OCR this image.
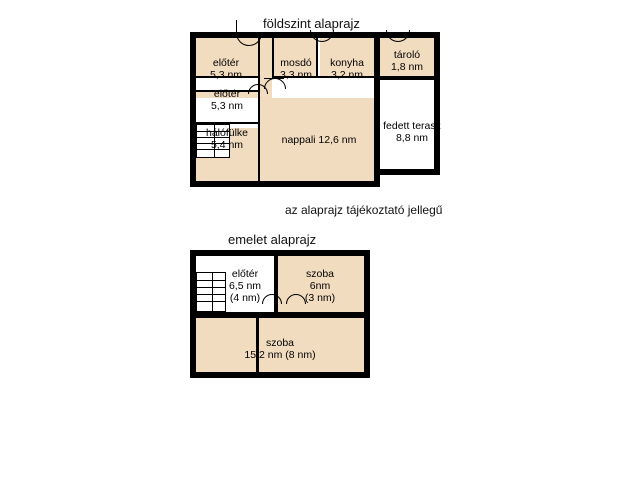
földszint alaprajz
előtér
5,3 nm
előtér
5,3 nm
mosdó
3,3 nm
konyha
3,2 nm
tároló
1,8 nm
hálófülke
5,4 nm	nappali 12,6 nm
fedett terasz
8,8 nm
az alaprajz tájékoztató jellegű
emelet alaprajz
előtér
6,5 nm
(4 nm)
szoba
6nm
(3 nm)
szoba
15,2 nm (8 nm)
